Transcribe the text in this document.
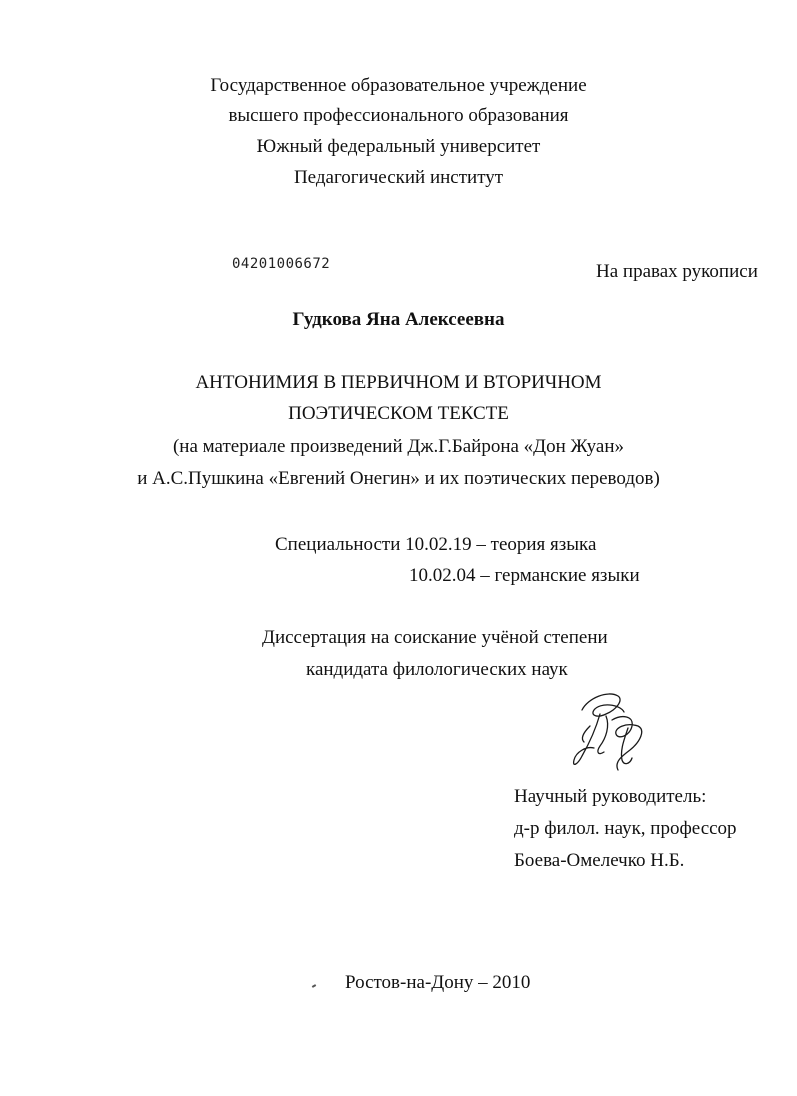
Государственное образовательное учреждение
высшего профессионального образования
Южный федеральный университет
Педагогический институт
04201006672	На правах рукописи
Гудкова Яна Алексеевна
АНТОНИМИЯ В ПЕРВИЧНОМ И ВТОРИЧНОМ
ПОЭТИЧЕСКОМ ТЕКСТЕ
(на материале произведений Дж.Г.Байрона «Дон Жуан»
и А.С.Пушкина «Евгений Онегин» и их поэтических переводов)
Специальности 10.02.19 – теория языка
10.02.04 – германские языки
Диссертация на соискание учёной степени
кандидата филологических наук
Научный руководитель:
д-р филол. наук, профессор
Боева-Омелечко Н.Б.
Ростов-на-Дону – 2010
